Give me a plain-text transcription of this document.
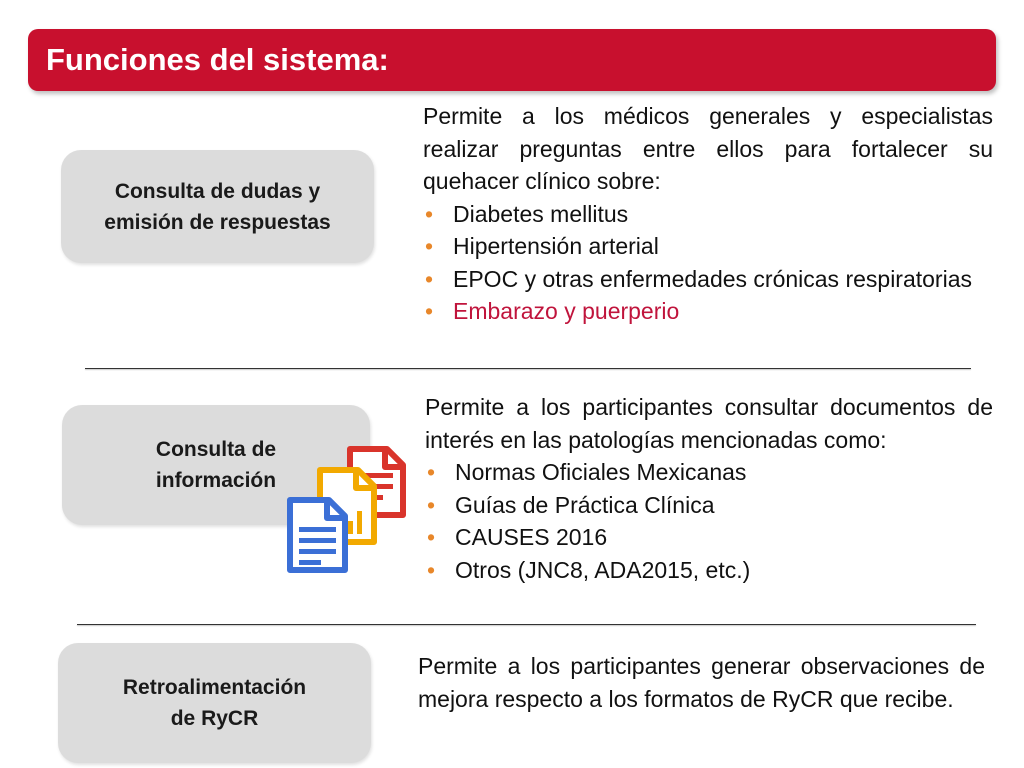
Funciones del sistema:
Consulta de dudas y
emisión de respuestas

Permite a los médicos generales y especialistas realizar preguntas entre ellos para fortalecer su quehacer clínico sobre:

• Diabetes mellitus
• Hipertensión arterial
• EPOC y otras enfermedades crónicas respiratorias
• Embarazo y puerperio
Consulta de
información

Permite a los participantes consultar documentos de interés en las patologías mencionadas como:

• Normas Oficiales Mexicanas
• Guías de Práctica Clínica
• CAUSES 2016
• Otros (JNC8, ADA2015, etc.)
Retroalimentación
de RyCR

Permite a los participantes generar observaciones de mejora respecto a los formatos de RyCR que recibe.
